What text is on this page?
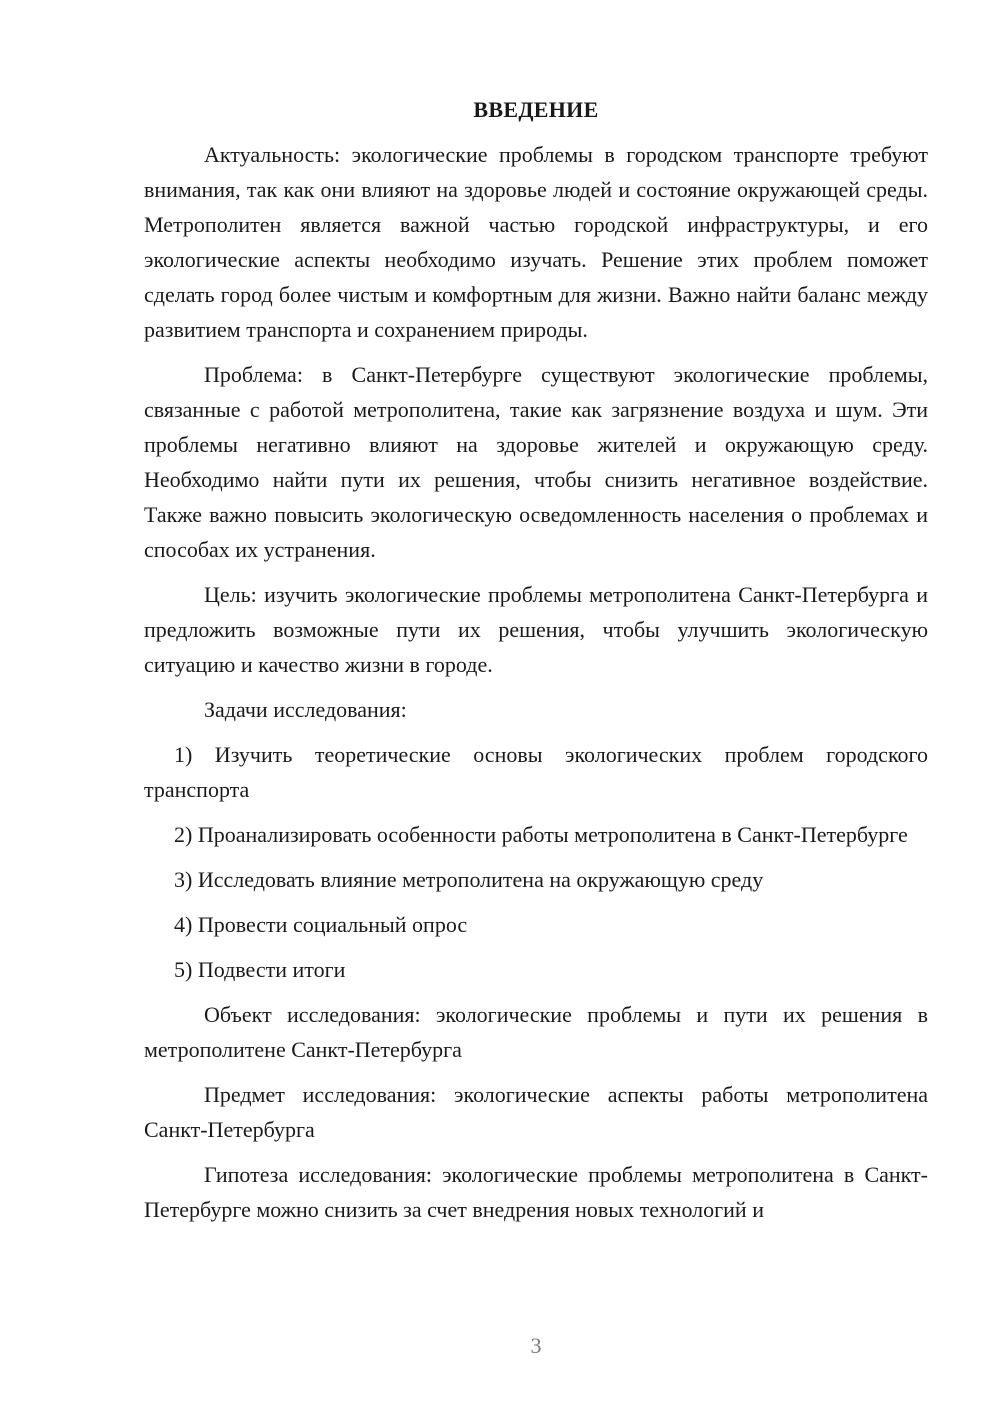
ВВЕДЕНИЕ

Актуальность: экологические проблемы в городском транспорте требуют внимания, так как они влияют на здоровье людей и состояние окружающей среды. Метрополитен является важной частью городской инфраструктуры, и его экологические аспекты необходимо изучать. Решение этих проблем поможет сделать город более чистым и комфортным для жизни. Важно найти баланс между развитием транспорта и сохранением природы.

Проблема: в Санкт-Петербурге существуют экологические проблемы, связанные с работой метрополитена, такие как загрязнение воздуха и шум. Эти проблемы негативно влияют на здоровье жителей и окружающую среду. Необходимо найти пути их решения, чтобы снизить негативное воздействие. Также важно повысить экологическую осведомленность населения о проблемах и способах их устранения.

Цель: изучить экологические проблемы метрополитена Санкт-Петербурга и предложить возможные пути их решения, чтобы улучшить экологическую ситуацию и качество жизни в городе.

Задачи исследования:

1) Изучить теоретические основы экологических проблем городского транспорта

2) Проанализировать особенности работы метрополитена в Санкт-Петербурге

3) Исследовать влияние метрополитена на окружающую среду

4) Провести социальный опрос

5) Подвести итоги

Объект исследования: экологические проблемы и пути их решения в метрополитене Санкт-Петербурга

Предмет исследования: экологические аспекты работы метрополитена Санкт-Петербурга

Гипотеза исследования: экологические проблемы метрополитена в Санкт-Петербурге можно снизить за счет внедрения новых технологий и

3
